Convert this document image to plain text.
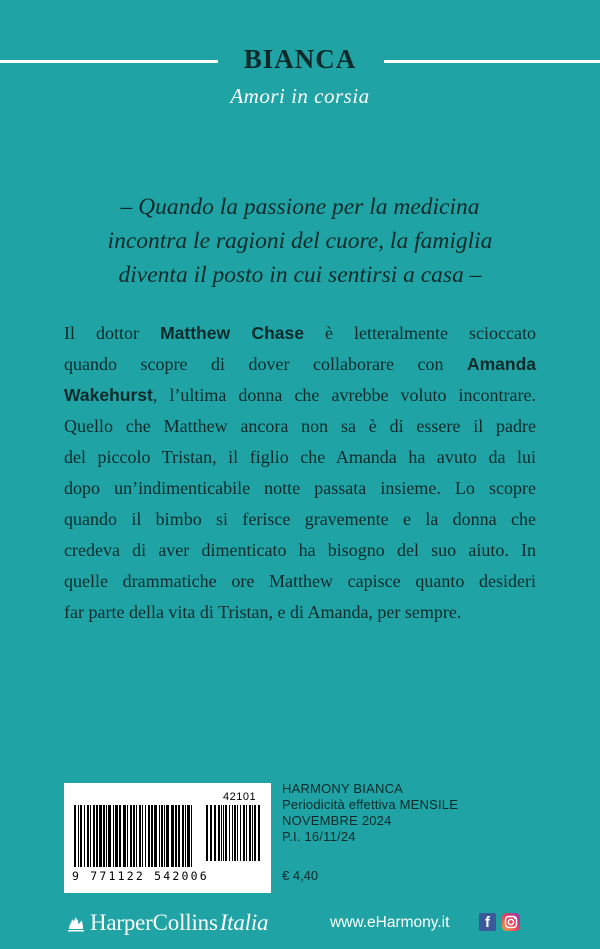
BIANCA
Amori in corsia
– Quando la passione per la medicina
incontra le ragioni del cuore, la famiglia
diventa il posto in cui sentirsi a casa –
Il dottor Matthew Chase è letteralmente scioccato
quando scopre di dover collaborare con Amanda
Wakehurst, l’ultima donna che avrebbe voluto incontrare.
Quello che Matthew ancora non sa è di essere il padre
del piccolo Tristan, il figlio che Amanda ha avuto da lui
dopo un’indimenticabile notte passata insieme. Lo scopre
quando il bimbo si ferisce gravemente e la donna che
credeva di aver dimenticato ha bisogno del suo aiuto. In
quelle drammatiche ore Matthew capisce quanto desideri
far parte della vita di Tristan, e di Amanda, per sempre.
42101
9 771122 542006
HARMONY BIANCA
Periodicità effettiva MENSILE
NOVEMBRE 2024
P.I. 16/11/24
€ 4,40
HarperCollinsItalia	www.eHarmony.it	f
